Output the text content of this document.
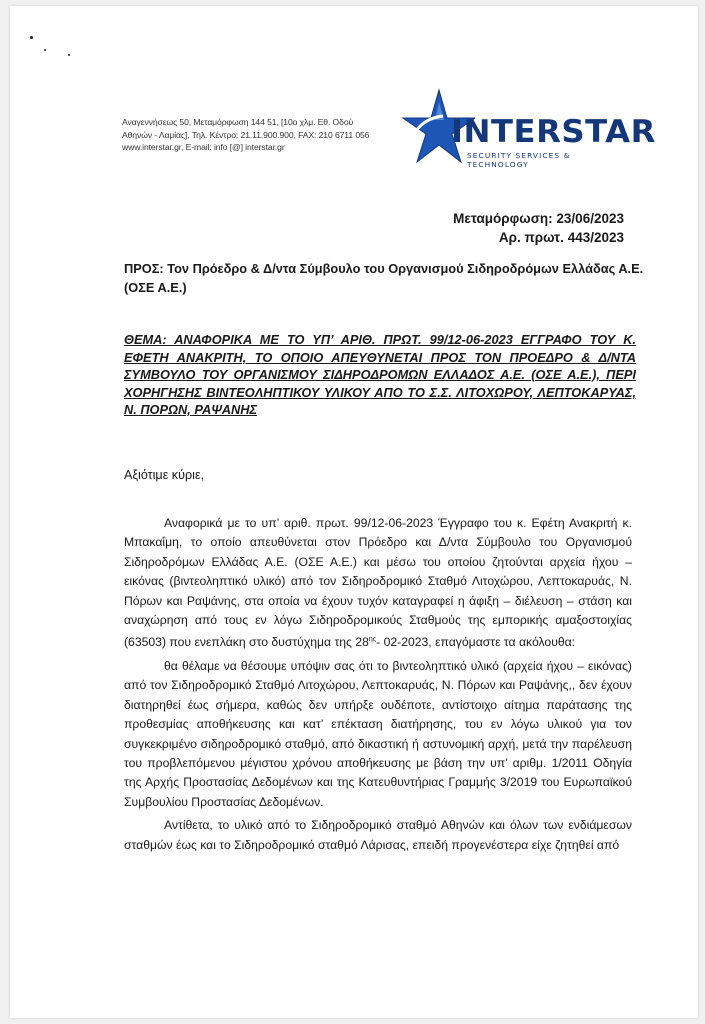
Αναγεννήσεως 50, Μεταμόρφωση 144 51, [10ο χλμ. Εθ. Οδού
Αθηνών - Λαμίας], Τηλ. Κέντρο: 21.11.900.900, FAX: 210 6711 056
www.interstar.gr, E-mail: info [@] interstar.gr	INTERSTAR
SECURITY SERVICES & TECHNOLOGY
Μεταμόρφωση: 23/06/2023
Αρ. πρωτ. 443/2023
ΠΡΟΣ: Τον Πρόεδρο & Δ/ντα Σύμβουλο του Οργανισμού Σιδηροδρόμων Ελλάδας Α.Ε. (ΟΣΕ Α.Ε.)
ΘΕΜΑ: ΑΝΑΦΟΡΙΚΑ ΜΕ ΤΟ ΥΠ’ ΑΡΙΘ. ΠΡΩΤ. 99/12-06-2023 ΕΓΓΡΑΦΟ ΤΟΥ Κ. ΕΦΕΤΗ ΑΝΑΚΡΙΤΗ, ΤΟ ΟΠΟΙΟ ΑΠΕΥΘΥΝΕΤΑΙ ΠΡΟΣ ΤΟΝ ΠΡΟΕΔΡΟ & Δ/ΝΤΑ ΣΥΜΒΟΥΛΟ ΤΟΥ ΟΡΓΑΝΙΣΜΟΥ ΣΙΔΗΡΟΔΡΟΜΩΝ ΕΛΛΑΔΟΣ Α.Ε. (ΟΣΕ Α.Ε.), ΠΕΡΙ ΧΟΡΗΓΗΣΗΣ ΒΙΝΤΕΟΛΗΠΤΙΚΟΥ ΥΛΙΚΟΥ ΑΠΟ ΤΟ Σ.Σ. ΛΙΤΟΧΩΡΟΥ, ΛΕΠΤΟΚΑΡΥΑΣ, Ν. ΠΟΡΩΝ, ΡΑΨΑΝΗΣ
Αξιότιμε κύριε,

Αναφορικά με το υπ’ αριθ. πρωτ. 99/12-06-2023 Έγγραφο του κ. Εφέτη Ανακριτή κ. Μπακαΐμη, το οποίο απευθύνεται στον Πρόεδρο και Δ/ντα Σύμβουλο του Οργανισμού Σιδηροδρόμων Ελλάδας Α.Ε. (ΟΣΕ Α.Ε.) και μέσω του οποίου ζητούνται αρχεία ήχου – εικόνας (βιντεοληπτικό υλικό) από τον Σιδηροδρομικό Σταθμό Λιτοχώρου, Λεπτοκαρυάς, Ν. Πόρων και Ραψάνης, στα οποία να έχουν τυχόν καταγραφεί η άφιξη – διέλευση – στάση και αναχώρηση από τους εν λόγω Σιδηροδρομικούς Σταθμούς της εμπορικής αμαξοστοιχίας (63503) που ενεπλάκη στο δυστύχημα της $28^{\eta\varsigma}-$ 02-2023, επαγόμαστε τα ακόλουθα:

θα θέλαμε να θέσουμε υπόψιν σας ότι το βιντεοληπτικό υλικό (αρχεία ήχου – εικόνας) από τον Σιδηροδρομικό Σταθμό Λιτοχώρου, Λεπτοκαρυάς, Ν. Πόρων και Ραψάνης,, δεν έχουν διατηρηθεί έως σήμερα, καθώς δεν υπήρξε ουδέποτε, αντίστοιχο αίτημα παράτασης της προθεσμίας αποθήκευσης και κατ’ επέκταση διατήρησης, του εν λόγω υλικού για τον συγκεκριμένο σιδηροδρομικό σταθμό, από δικαστική ή αστυνομική αρχή, μετά την παρέλευση του προβλεπόμενου μέγιστου χρόνου αποθήκευσης με βάση την υπ’ αριθμ. 1/2011 Οδηγία της Αρχής Προστασίας Δεδομένων και της Κατευθυντήριας Γραμμής 3/2019 του Ευρωπαϊκού Συμβουλίου Προστασίας Δεδομένων.

Αντίθετα, το υλικό από το Σιδηροδρομικό σταθμό Αθηνών και όλων των ενδιάμεσων σταθμών έως και το Σιδηροδρομικό σταθμό Λάρισας, επειδή προγενέστερα είχε ζητηθεί από
